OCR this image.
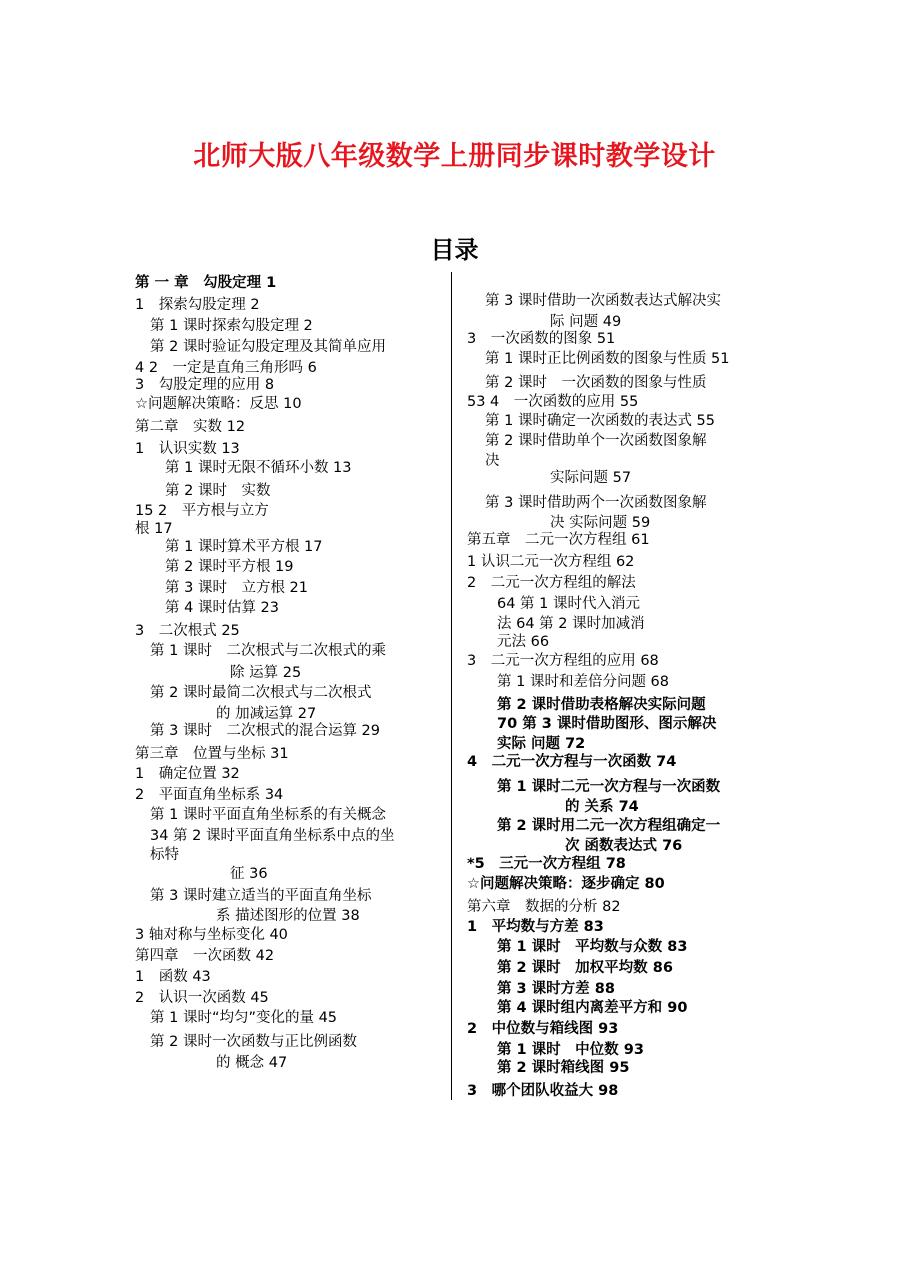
北师大版八年级数学上册同步课时教学设计
目录
第 一 章　勾股定理 1
1　探索勾股定理 2
第 1 课时探索勾股定理 2
第 2 课时验证勾股定理及其简单应用
4 2　一定是直角三角形吗 6
3　勾股定理的应用 8
☆问题解决策略：反思 10
第二章　实数 12
1　认识实数 13
第 1 课时无限不循环小数 13
第 2 课时　实数
15 2　平方根与立方
根 17
第 1 课时算术平方根 17
第 2 课时平方根 19
第 3 课时　立方根 21
第 4 课时估算 23
3　二次根式 25
第 1 课时　二次根式与二次根式的乘
除 运算 25
第 2 课时最简二次根式与二次根式
的 加减运算 27
第 3 课时　二次根式的混合运算 29
第三章　位置与坐标 31
1　确定位置 32
2　平面直角坐标系 34
第 1 课时平面直角坐标系的有关概念
34 第 2 课时平面直角坐标系中点的坐
标特
征 36
第 3 课时建立适当的平面直角坐标
系 描述图形的位置 38
3 轴对称与坐标变化 40
第四章　一次函数 42
1　函数 43
2　认识一次函数 45
第 1 课时“均匀”变化的量 45
第 2 课时一次函数与正比例函数
的 概念 47
第 3 课时借助一次函数表达式解决实
际 问题 49
3　一次函数的图象 51
第 1 课时正比例函数的图象与性质 51
第 2 课时　一次函数的图象与性质
53 4　一次函数的应用 55
第 1 课时确定一次函数的表达式 55
第 2 课时借助单个一次函数图象解
决
实际问题 57
第 3 课时借助两个一次函数图象解
决 实际问题 59
第五章　二元一次方程组 61
1 认识二元一次方程组 62
2　二元一次方程组的解法
64 第 1 课时代入消元
法 64 第 2 课时加减消
元法 66
3　二元一次方程组的应用 68
第 1 课时和差倍分问题 68
第 2 课时借助表格解决实际问题
70 第 3 课时借助图形、图示解决
实际 问题 72
4　二元一次方程与一次函数 74
第 1 课时二元一次方程与一次函数
的 关系 74
第 2 课时用二元一次方程组确定一
次 函数表达式 76
*5　三元一次方程组 78
☆问题解决策略：逐步确定 80
第六章　数据的分析 82
1　平均数与方差 83
第 1 课时　平均数与众数 83
第 2 课时　加权平均数 86
第 3 课时方差 88
第 4 课时组内离差平方和 90
2　中位数与箱线图 93
第 1 课时　中位数 93
第 2 课时箱线图 95
3　哪个团队收益大 98
